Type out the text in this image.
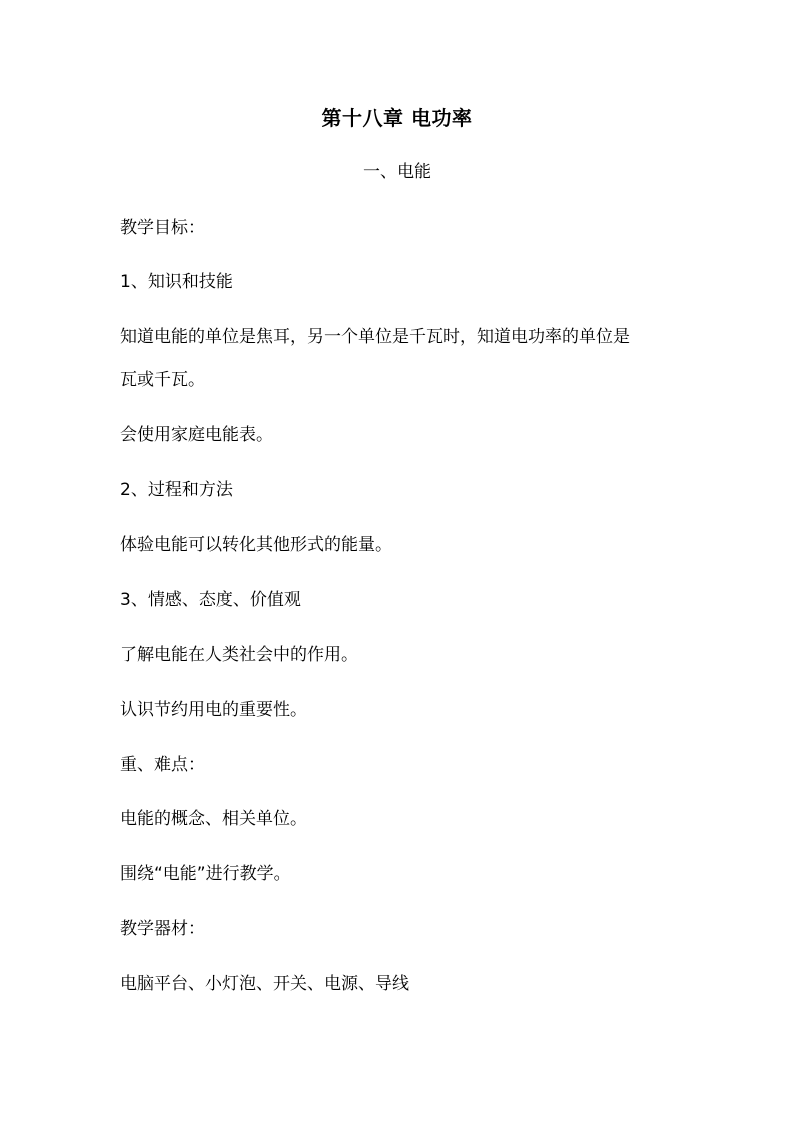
第十八章 电功率
一、电能
教学目标：
1、知识和技能
知道电能的单位是焦耳，另一个单位是千瓦时，知道电功率的单位是
瓦或千瓦。
会使用家庭电能表。
2、过程和方法
体验电能可以转化其他形式的能量。
3、情感、态度、价值观
了解电能在人类社会中的作用。
认识节约用电的重要性。
重、难点：
电能的概念、相关单位。
围绕“电能”进行教学。
教学器材：
电脑平台、小灯泡、开关、电源、导线
